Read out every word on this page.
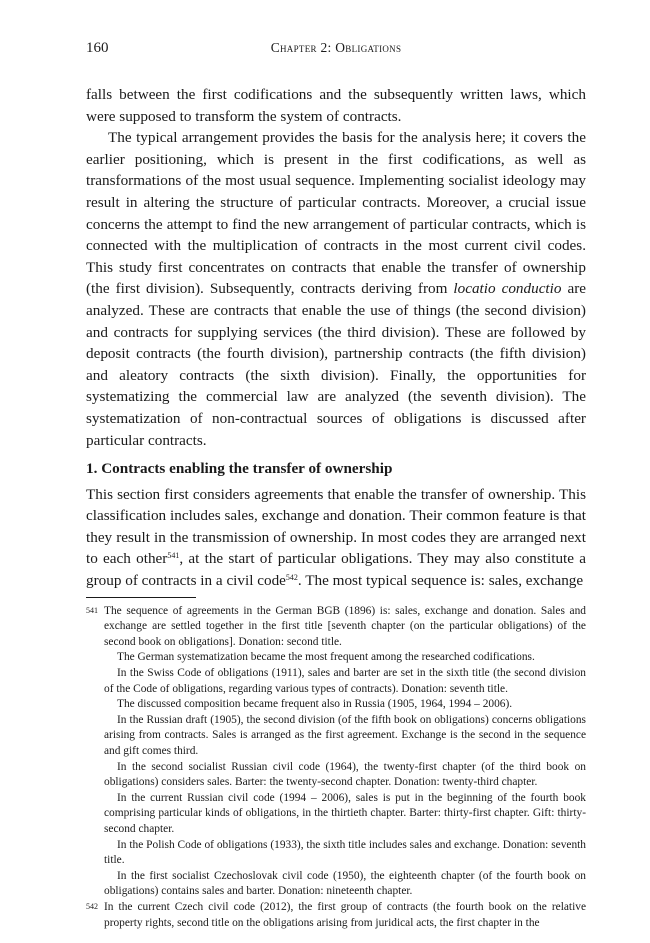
160	Chapter 2: Obligations

falls between the first codifications and the subsequently written laws, which were supposed to transform the system of contracts.

The typical arrangement provides the basis for the analysis here; it covers the earlier positioning, which is present in the first codifications, as well as transformations of the most usual sequence. Implementing socialist ideology may result in altering the structure of particular contracts. Moreover, a crucial issue concerns the attempt to find the new arrangement of particular contracts, which is connected with the multiplication of contracts in the most current civil codes. This study first concentrates on contracts that enable the transfer of ownership (the first division). Subsequently, contracts deriving from locatio conductio are analyzed. These are contracts that enable the use of things (the second division) and contracts for supplying services (the third division). These are followed by deposit contracts (the fourth division), partnership contracts (the fifth division) and aleatory contracts (the sixth division). Finally, the opportunities for systematizing the commercial law are analyzed (the seventh division). The systematization of non-contractual sources of obligations is discussed after particular contracts.

1. Contracts enabling the transfer of ownership

This section first considers agreements that enable the transfer of ownership. This classification includes sales, exchange and donation. Their common feature is that they result in the transmission of ownership. In most codes they are arranged next to each other$^{541}$, at the start of particular obligations. They may also constitute a group of contracts in a civil code$^{542}$. The most typical sequence is: sales, exchange

541 The sequence of agreements in the German BGB (1896) is: sales, exchange and donation. Sales and exchange are settled together in the first title [seventh chapter (on the particular obligations) of the second book on obligations]. Donation: second title.

The German systematization became the most frequent among the researched codifications.

In the Swiss Code of obligations (1911), sales and barter are set in the sixth title (the second division of the Code of obligations, regarding various types of contracts). Donation: seventh title.

The discussed composition became frequent also in Russia (1905, 1964, 1994 – 2006).

In the Russian draft (1905), the second division (of the fifth book on obligations) concerns obligations arising from contracts. Sales is arranged as the first agreement. Exchange is the second in the sequence and gift comes third.

In the second socialist Russian civil code (1964), the twenty-first chapter (of the third book on obligations) considers sales. Barter: the twenty-second chapter. Donation: twenty-third chapter.

In the current Russian civil code (1994 – 2006), sales is put in the beginning of the fourth book comprising particular kinds of obligations, in the thirtieth chapter. Barter: thirty-first chapter. Gift: thirty-second chapter.

In the Polish Code of obligations (1933), the sixth title includes sales and exchange. Donation: seventh title.

In the first socialist Czechoslovak civil code (1950), the eighteenth chapter (of the fourth book on obligations) contains sales and barter. Donation: nineteenth chapter.

542 In the current Czech civil code (2012), the first group of contracts (the fourth book on the relative property rights, second title on the obligations arising from juridical acts, the first chapter in the
